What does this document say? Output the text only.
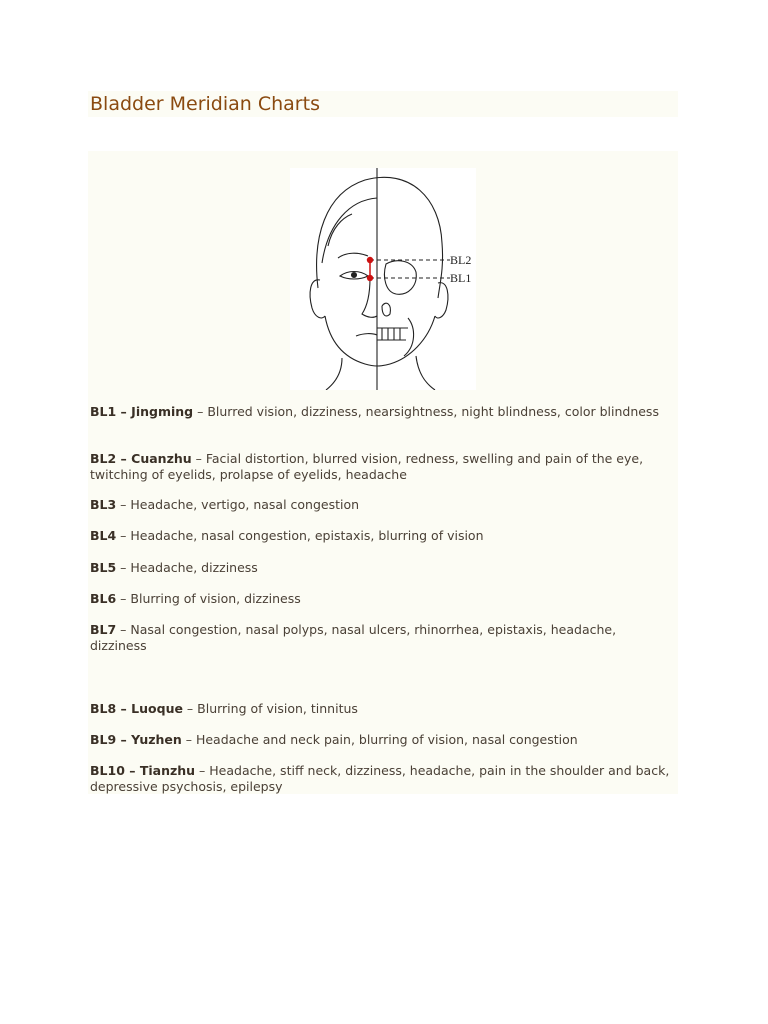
Bladder Meridian Charts
BL2
BL1

BL1 – Jingming – Blurred vision, dizziness, nearsightness, night blindness, color blindness

BL2 – Cuanzhu – Facial distortion, blurred vision, redness, swelling and pain of the eye, twitching of eyelids, prolapse of eyelids, headache

BL3 – Headache, vertigo, nasal congestion

BL4 – Headache, nasal congestion, epistaxis, blurring of vision

BL5 – Headache, dizziness

BL6 – Blurring of vision, dizziness

BL7 – Nasal congestion, nasal polyps, nasal ulcers, rhinorrhea, epistaxis, headache, dizziness

BL8 – Luoque – Blurring of vision, tinnitus

BL9 – Yuzhen – Headache and neck pain, blurring of vision, nasal congestion

BL10 – Tianzhu – Headache, stiff neck, dizziness, headache, pain in the shoulder and back, depressive psychosis, epilepsy
